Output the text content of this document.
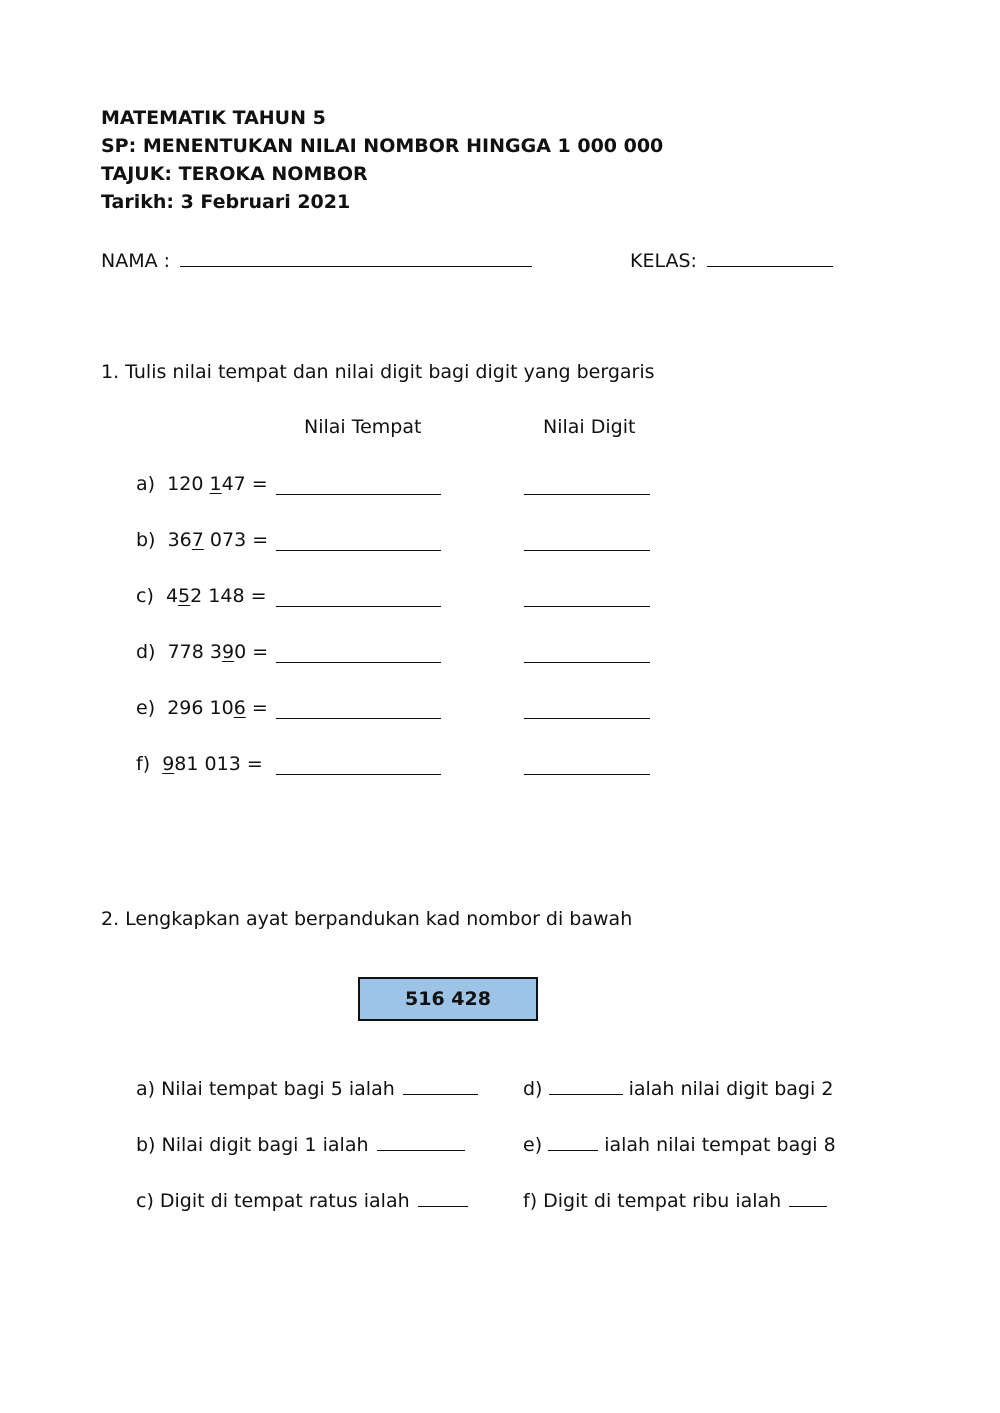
MATEMATIK TAHUN 5
SP: MENENTUKAN NILAI NOMBOR HINGGA 1 000 000
TAJUK: TEROKA NOMBOR
Tarikh: 3 Februari 2021
NAMA :	KELAS:
1. Tulis nilai tempat dan nilai digit bagi digit yang bergaris
Nilai Tempat	Nilai Digit
a) 120 147 =
b) 367 073 =
c) 452 148 =
d) 778 390 =
e) 296 106 =
f) 981 013 =
2. Lengkapkan ayat berpandukan kad nombor di bawah
516 428
a) Nilai tempat bagi 5 ialah
b) Nilai digit bagi 1 ialah
c) Digit di tempat ratus ialah
d)	ialah nilai digit bagi 2
e)	ialah nilai tempat bagi 8
f) Digit di tempat ribu ialah
